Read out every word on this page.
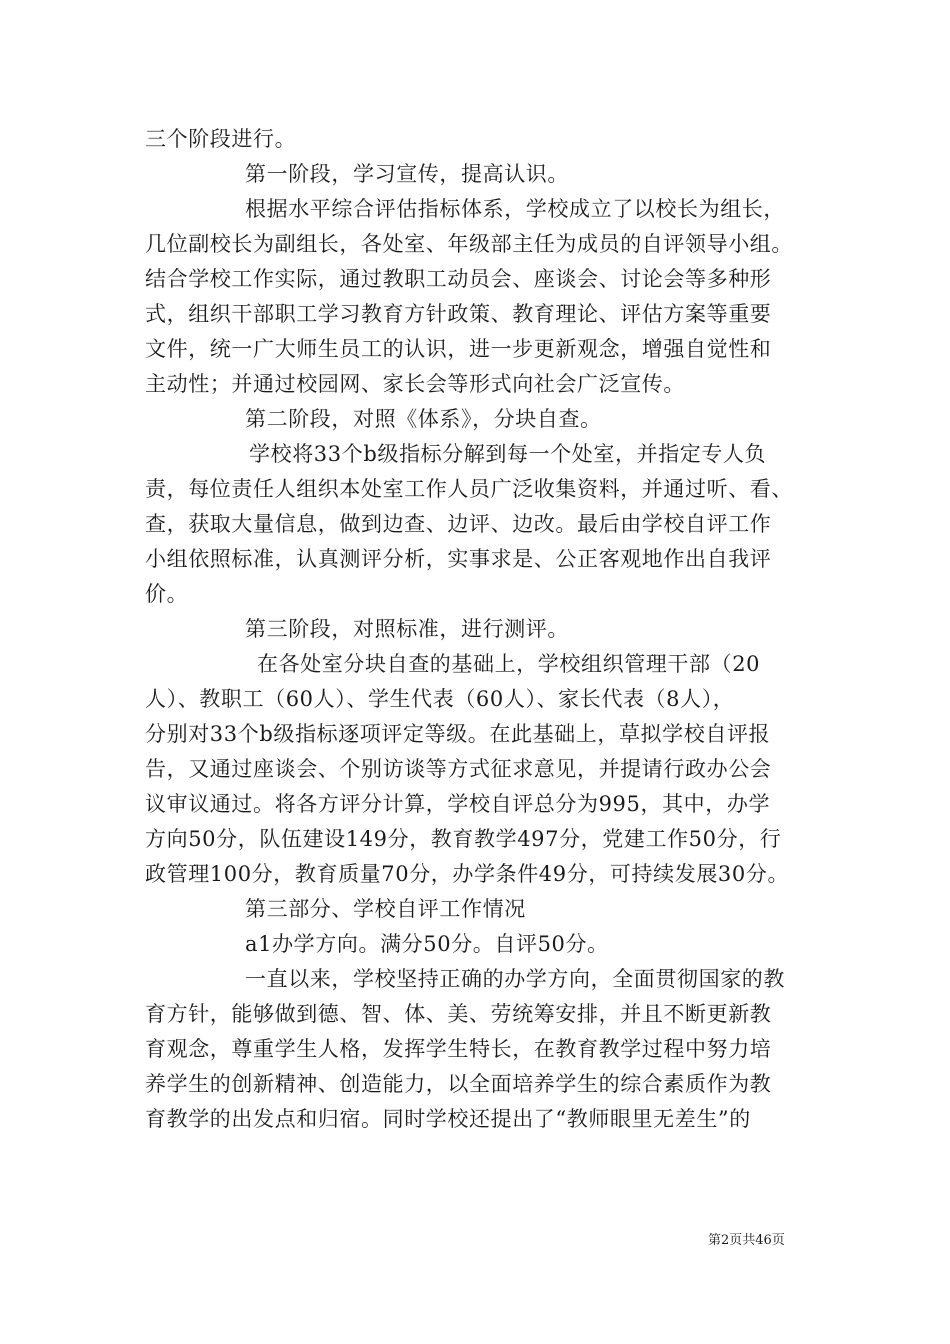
三个阶段进行。
第一阶段，学习宣传，提高认识。
根据水平综合评估指标体系，学校成立了以校长为组长，
几位副校长为副组长，各处室、年级部主任为成员的自评领导小组。
结合学校工作实际，通过教职工动员会、座谈会、讨论会等多种形
式，组织干部职工学习教育方针政策、教育理论、评估方案等重要
文件，统一广大师生员工的认识，进一步更新观念，增强自觉性和
主动性；并通过校园网、家长会等形式向社会广泛宣传。
第二阶段，对照《体系》，分块自查。
学校将33个b级指标分解到每一个处室，并指定专人负
责，每位责任人组织本处室工作人员广泛收集资料，并通过听、看、
查，获取大量信息，做到边查、边评、边改。最后由学校自评工作
小组依照标准，认真测评分析，实事求是、公正客观地作出自我评
价。
第三阶段，对照标准，进行测评。
在各处室分块自查的基础上，学校组织管理干部（20
人）、教职工（60人）、学生代表（60人）、家长代表（8人），
分别对33个b级指标逐项评定等级。在此基础上，草拟学校自评报
告，又通过座谈会、个别访谈等方式征求意见，并提请行政办公会
议审议通过。将各方评分计算，学校自评总分为995，其中，办学
方向50分，队伍建设149分，教育教学497分，党建工作50分，行
政管理100分，教育质量70分，办学条件49分，可持续发展30分。
第三部分、学校自评工作情况
a1办学方向。满分50分。自评50分。
一直以来，学校坚持正确的办学方向，全面贯彻国家的教
育方针，能够做到德、智、体、美、劳统筹安排，并且不断更新教
育观念，尊重学生人格，发挥学生特长，在教育教学过程中努力培
养学生的创新精神、创造能力，以全面培养学生的综合素质作为教
育教学的出发点和归宿。同时学校还提出了“教师眼里无差生”的
第2页共46页
